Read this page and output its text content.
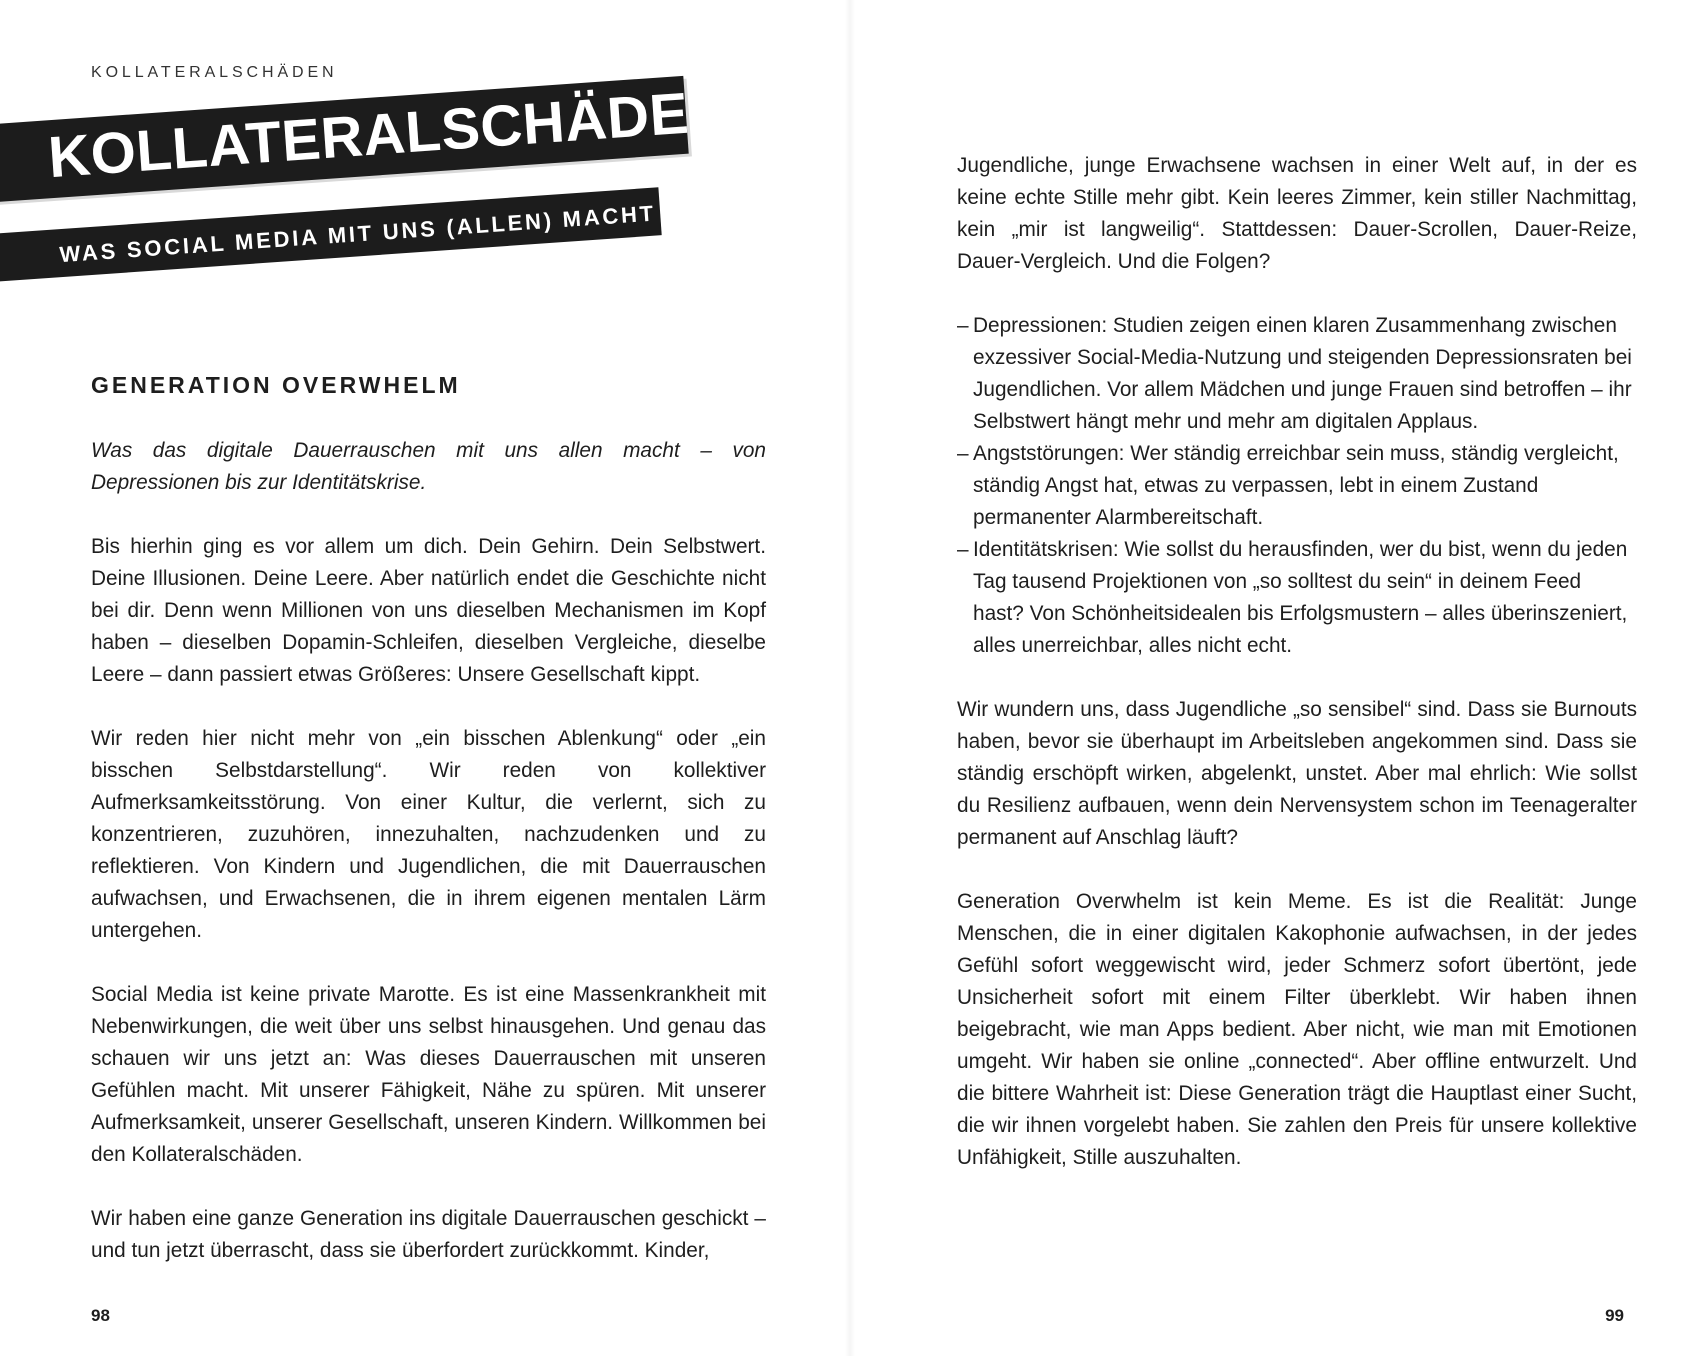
KOLLATERALSCHÄDEN
KOLLATERALSCHÄDEN
WAS SOCIAL MEDIA MIT UNS (ALLEN) MACHT
GENERATION OVERWHELM

Was das digitale Dauerrauschen mit uns allen macht – von Depressionen bis zur Identitätskrise.

Bis hierhin ging es vor allem um dich. Dein Gehirn. Dein Selbstwert. Deine Illusionen. Deine Leere. Aber natürlich endet die Geschichte nicht bei dir. Denn wenn Millionen von uns dieselben Mechanismen im Kopf haben – dieselben Dopamin-Schleifen, dieselben Vergleiche, dieselbe Leere – dann passiert etwas Größeres: Unsere Gesellschaft kippt.

Wir reden hier nicht mehr von „ein bisschen Ablenkung“ oder „ein bisschen Selbstdarstellung“. Wir reden von kollektiver Aufmerksamkeitsstörung. Von einer Kultur, die verlernt, sich zu konzentrieren, zuzuhören, innezuhalten, nachzudenken und zu reflektieren. Von Kindern und Jugendlichen, die mit Dauerrauschen aufwachsen, und Erwachsenen, die in ihrem eigenen mentalen Lärm untergehen.

Social Media ist keine private Marotte. Es ist eine Massenkrankheit mit Nebenwirkungen, die weit über uns selbst hinausgehen. Und genau das schauen wir uns jetzt an: Was dieses Dauerrauschen mit unseren Gefühlen macht. Mit unserer Fähigkeit, Nähe zu spüren. Mit unserer Aufmerksamkeit, unserer Gesellschaft, unseren Kindern. Willkommen bei den Kollateralschäden.

Wir haben eine ganze Generation ins digitale Dauerrauschen geschickt – und tun jetzt überrascht, dass sie überfordert zurückkommt. Kinder,

98

Jugendliche, junge Erwachsene wachsen in einer Welt auf, in der es keine echte Stille mehr gibt. Kein leeres Zimmer, kein stiller Nachmittag, kein „mir ist langweilig“. Stattdessen: Dauer-Scrollen, Dauer-Reize, Dauer-Vergleich. Und die Folgen?

– Depressionen: Studien zeigen einen klaren Zusammenhang zwischen exzessiver Social-Media-Nutzung und steigenden Depressionsraten bei Jugendlichen. Vor allem Mädchen und junge Frauen sind betroffen – ihr Selbstwert hängt mehr und mehr am digitalen Applaus.
– Angststörungen: Wer ständig erreichbar sein muss, ständig vergleicht, ständig Angst hat, etwas zu verpassen, lebt in einem Zustand permanenter Alarmbereitschaft.
– Identitätskrisen: Wie sollst du herausfinden, wer du bist, wenn du jeden Tag tausend Projektionen von „so solltest du sein“ in deinem Feed hast? Von Schönheitsidealen bis Erfolgsmustern – alles überinszeniert, alles unerreichbar, alles nicht echt.

Wir wundern uns, dass Jugendliche „so sensibel“ sind. Dass sie Burnouts haben, bevor sie überhaupt im Arbeitsleben angekommen sind. Dass sie ständig erschöpft wirken, abgelenkt, unstet. Aber mal ehrlich: Wie sollst du Resilienz aufbauen, wenn dein Nervensystem schon im Teenageralter permanent auf Anschlag läuft?

Generation Overwhelm ist kein Meme. Es ist die Realität: Junge Menschen, die in einer digitalen Kakophonie aufwachsen, in der jedes Gefühl sofort weggewischt wird, jeder Schmerz sofort übertönt, jede Unsicherheit sofort mit einem Filter überklebt. Wir haben ihnen beigebracht, wie man Apps bedient. Aber nicht, wie man mit Emotionen umgeht. Wir haben sie online „connected“. Aber offline entwurzelt. Und die bittere Wahrheit ist: Diese Generation trägt die Hauptlast einer Sucht, die wir ihnen vorgelebt haben. Sie zahlen den Preis für unsere kollektive Unfähigkeit, Stille auszuhalten.

99
